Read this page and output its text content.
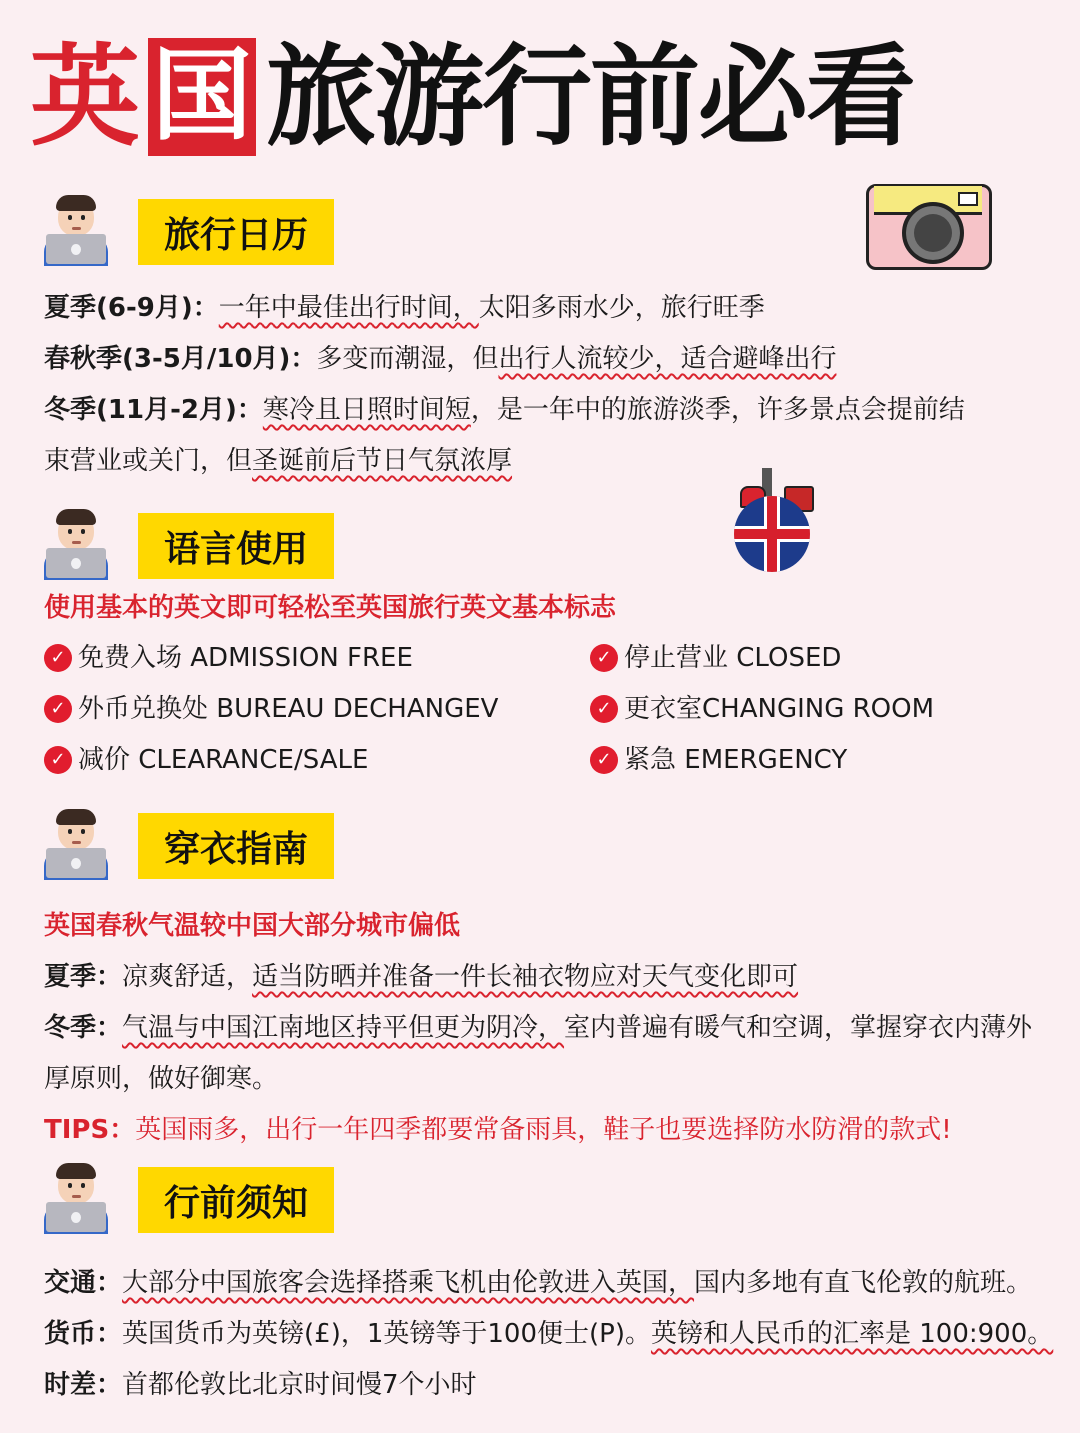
英 国 旅游行前必看
旅行日历
夏季(6-9月)：一年中最佳出行时间，太阳多雨水少，旅行旺季
春秋季(3-5月/10月)：多变而潮湿，但出行人流较少，适合避峰出行
冬季(11月-2月)：寒冷且日照时间短，是一年中的旅游淡季，许多景点会提前结
束营业或关门，但圣诞前后节日气氛浓厚
语言使用
使用基本的英文即可轻松至英国旅行英文基本标志
✓ 免费入场 ADMISSION FREE	✓ 停止营业 CLOSED
✓ 外币兑换处 BUREAU DECHANGEV	✓ 更衣室CHANGING ROOM
✓ 减价 CLEARANCE/SALE	✓ 紧急 EMERGENCY
穿衣指南
英国春秋气温较中国大部分城市偏低
夏季：凉爽舒适，适当防晒并准备一件长袖衣物应对天气变化即可
冬季：气温与中国江南地区持平但更为阴冷，室内普遍有暖气和空调，掌握穿衣内薄外
厚原则，做好御寒。
TIPS：英国雨多，出行一年四季都要常备雨具，鞋子也要选择防水防滑的款式!
行前须知
交通：大部分中国旅客会选择搭乘飞机由伦敦进入英国，国内多地有直飞伦敦的航班。
货币：英国货币为英镑(£)，1英镑等于100便士(P)。英镑和人民币的汇率是 100:900。
时差：首都伦敦比北京时间慢7个小时
